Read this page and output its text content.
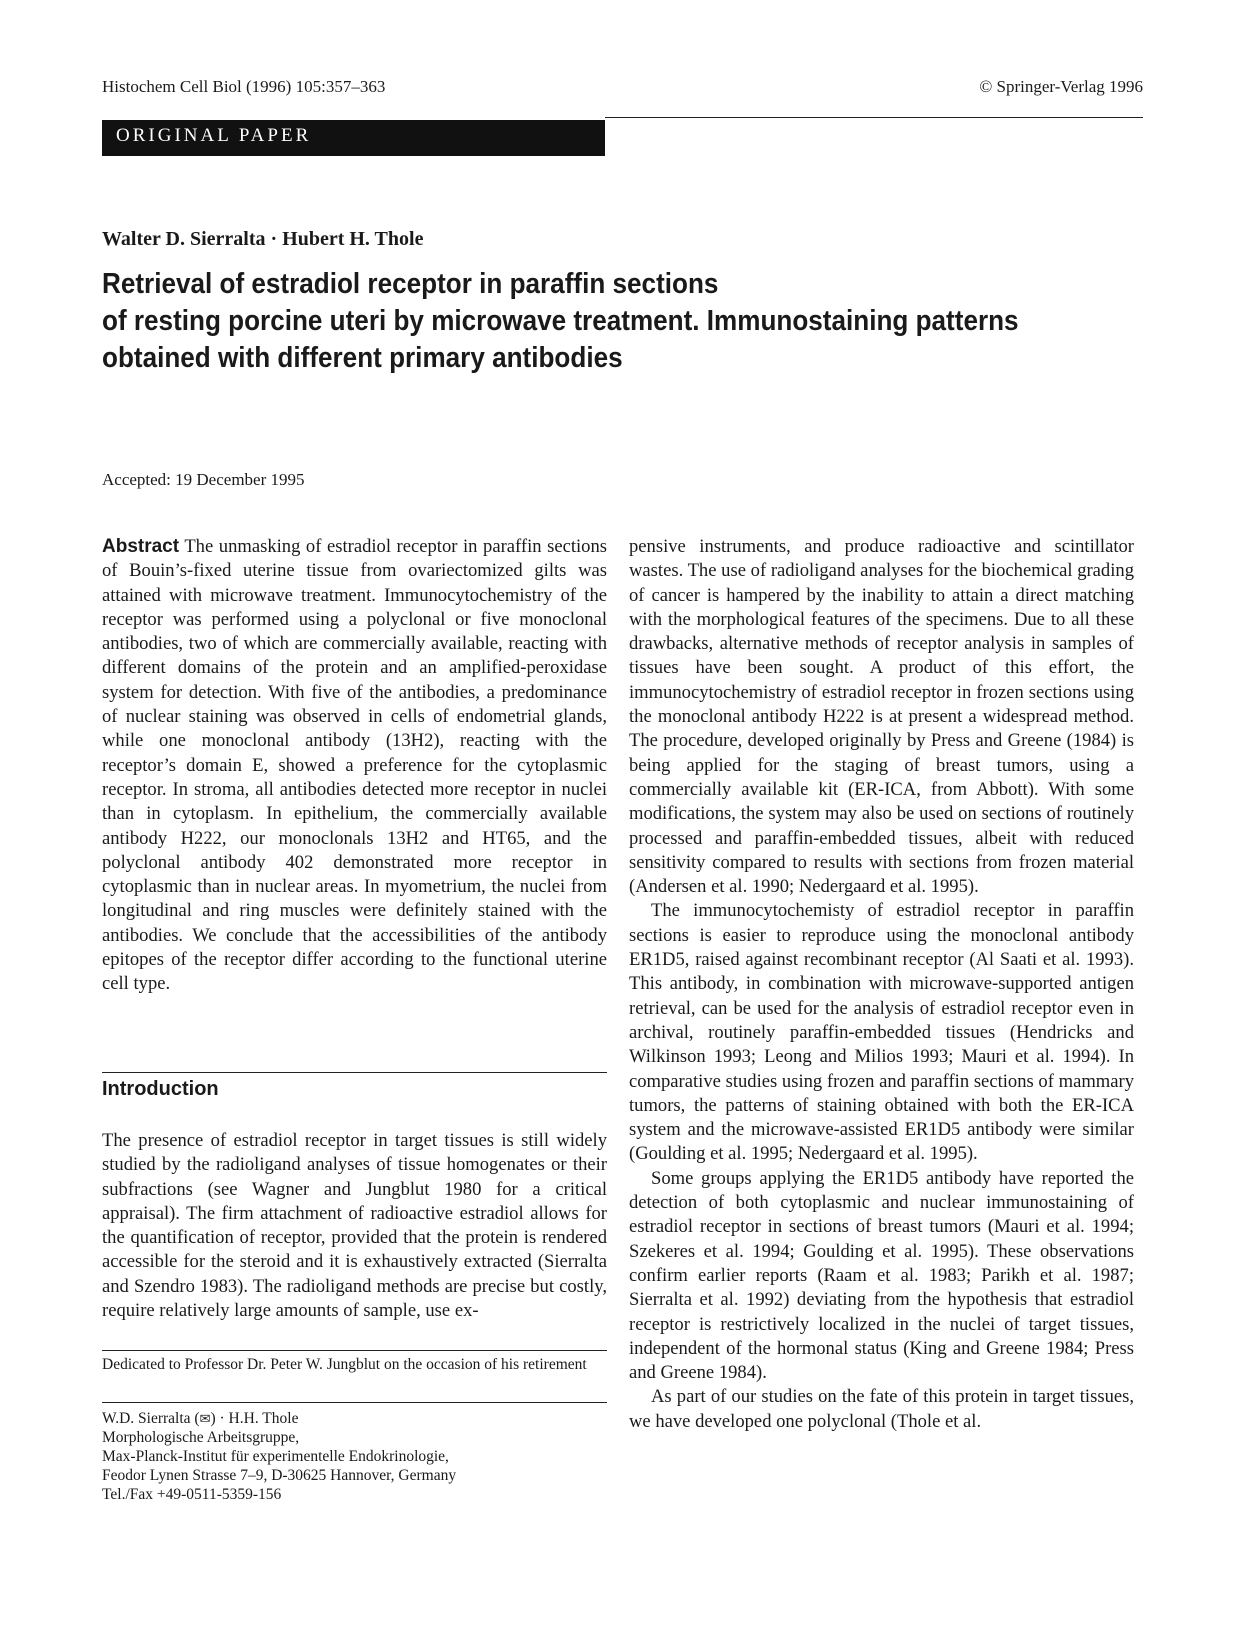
Histochem Cell Biol (1996) 105:357–363	© Springer-Verlag 1996
ORIGINAL PAPER
Walter D. Sierralta · Hubert H. Thole
Retrieval of estradiol receptor in paraffin sections
of resting porcine uteri by microwave treatment. Immunostaining patterns
obtained with different primary antibodies
Accepted: 19 December 1995

Abstract The unmasking of estradiol receptor in paraffin sections of Bouin’s-fixed uterine tissue from ovariectomized gilts was attained with microwave treatment. Immunocytochemistry of the receptor was performed using a polyclonal or five monoclonal antibodies, two of which are commercially available, reacting with different domains of the protein and an amplified-peroxidase system for detection. With five of the antibodies, a predominance of nuclear staining was observed in cells of endometrial glands, while one monoclonal antibody (13H2), reacting with the receptor’s domain E, showed a preference for the cytoplasmic receptor. In stroma, all antibodies detected more receptor in nuclei than in cytoplasm. In epithelium, the commercially available antibody H222, our monoclonals 13H2 and HT65, and the polyclonal antibody 402 demonstrated more receptor in cytoplasmic than in nuclear areas. In myometrium, the nuclei from longitudinal and ring muscles were definitely stained with the antibodies. We conclude that the accessibilities of the antibody epitopes of the receptor differ according to the functional uterine cell type.

Introduction

The presence of estradiol receptor in target tissues is still widely studied by the radioligand analyses of tissue homogenates or their subfractions (see Wagner and Jungblut 1980 for a critical appraisal). The firm attachment of radioactive estradiol allows for the quantification of receptor, provided that the protein is rendered accessible for the steroid and it is exhaustively extracted (Sierralta and Szendro 1983). The radioligand methods are precise but costly, require relatively large amounts of sample, use ex-

Dedicated to Professor Dr. Peter W. Jungblut on the occasion of his retirement
W.D. Sierralta (✉) · H.H. Thole
Morphologische Arbeitsgruppe,
Max-Planck-Institut für experimentelle Endokrinologie,
Feodor Lynen Strasse 7–9, D-30625 Hannover, Germany
Tel./Fax +49-0511-5359-156

pensive instruments, and produce radioactive and scintillator wastes. The use of radioligand analyses for the biochemical grading of cancer is hampered by the inability to attain a direct matching with the morphological features of the specimens. Due to all these drawbacks, alternative methods of receptor analysis in samples of tissues have been sought. A product of this effort, the immunocytochemistry of estradiol receptor in frozen sections using the monoclonal antibody H222 is at present a widespread method. The procedure, developed originally by Press and Greene (1984) is being applied for the staging of breast tumors, using a commercially available kit (ER-ICA, from Abbott). With some modifications, the system may also be used on sections of routinely processed and paraffin-embedded tissues, albeit with reduced sensitivity compared to results with sections from frozen material (Andersen et al. 1990; Nedergaard et al. 1995).

The immunocytochemisty of estradiol receptor in paraffin sections is easier to reproduce using the monoclonal antibody ER1D5, raised against recombinant receptor (Al Saati et al. 1993). This antibody, in combination with microwave-supported antigen retrieval, can be used for the analysis of estradiol receptor even in archival, routinely paraffin-embedded tissues (Hendricks and Wilkinson 1993; Leong and Milios 1993; Mauri et al. 1994). In comparative studies using frozen and paraffin sections of mammary tumors, the patterns of staining obtained with both the ER-ICA system and the microwave-assisted ER1D5 antibody were similar (Goulding et al. 1995; Nedergaard et al. 1995).

Some groups applying the ER1D5 antibody have reported the detection of both cytoplasmic and nuclear immunostaining of estradiol receptor in sections of breast tumors (Mauri et al. 1994; Szekeres et al. 1994; Goulding et al. 1995). These observations confirm earlier reports (Raam et al. 1983; Parikh et al. 1987; Sierralta et al. 1992) deviating from the hypothesis that estradiol receptor is restrictively localized in the nuclei of target tissues, independent of the hormonal status (King and Greene 1984; Press and Greene 1984).

As part of our studies on the fate of this protein in target tissues, we have developed one polyclonal (Thole et al.
